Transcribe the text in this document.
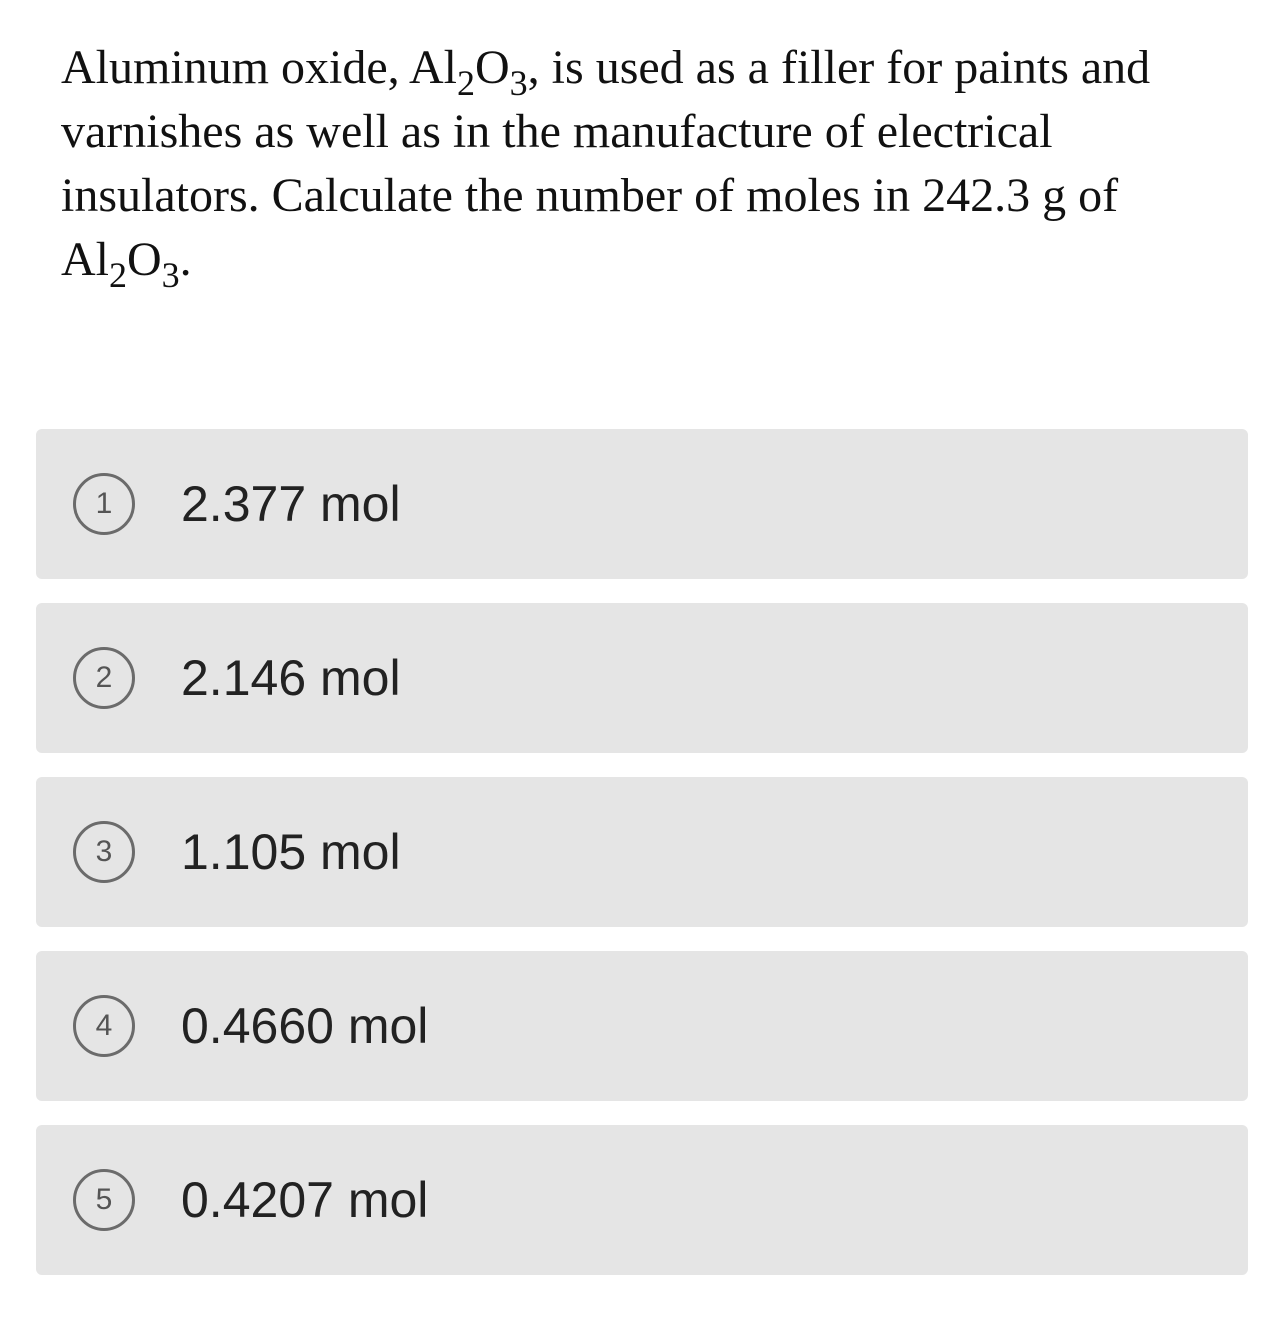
Aluminum oxide, $Al_2O_3$, is used as a filler for paints and varnishes as well as in the manufacture of electrical insulators. Calculate the number of moles in 242.3 g of $Al_2O_3$.

1	2.377 mol
2	2.146 mol
3	1.105 mol
4	0.4660 mol
5	0.4207 mol
